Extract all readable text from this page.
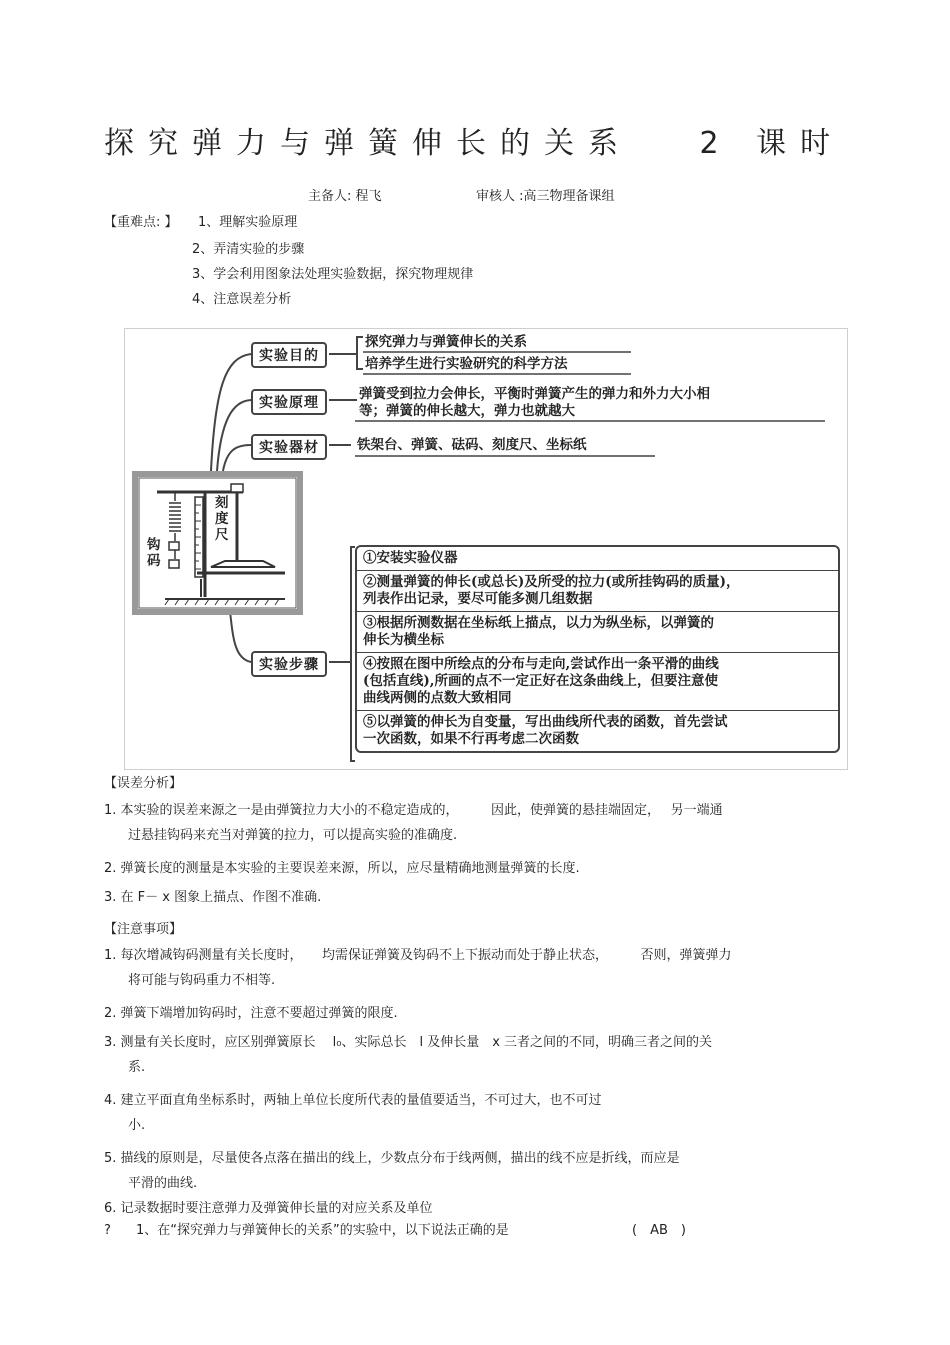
探究弹力与弹簧伸长的关系　 2 课时
主备人: 程飞	审核人 :高三物理备课组
【重难点: 】 1、理解实验原理
2、弄清实验的步骤
3、学会利用图象法处理实验数据，探究物理规律
4、注意误差分析
刻度尺
钩码
实验目的
实验原理
实验器材
实验步骤
探究弹力与弹簧伸长的关系
培养学生进行实验研究的科学方法
弹簧受到拉力会伸长，平衡时弹簧产生的弹力和外力大小相
等；弹簧的伸长越大，弹力也就越大
铁架台、弹簧、砝码、刻度尺、坐标纸
①安装实验仪器
②测量弹簧的伸长(或总长)及所受的拉力(或所挂钩码的质量)，
列表作出记录，要尽可能多测几组数据
③根据所测数据在坐标纸上描点，以力为纵坐标，以弹簧的
伸长为横坐标
④按照在图中所绘点的分布与走向,尝试作出一条平滑的曲线
(包括直线),所画的点不一定正好在这条曲线上，但要注意使
曲线两侧的点数大致相同
⑤以弹簧的伸长为自变量，写出曲线所代表的函数，首先尝试
一次函数，如果不行再考虑二次函数
【误差分析】
1. 本实验的误差来源之一是由弹簧拉力大小的不稳定造成的，　　　因此，使弹簧的悬挂端固定，　 另一端通
过悬挂钩码来充当对弹簧的拉力，可以提高实验的准确度.
2. 弹簧长度的测量是本实验的主要误差来源，所以，应尽量精确地测量弹簧的长度.
3. 在 F－ x 图象上描点、作图不准确.
【注意事项】
1. 每次增减钩码测量有关长度时，　　均需保证弹簧及钩码不上下振动而处于静止状态，　　　否则，弹簧弹力
将可能与钩码重力不相等.
2. 弹簧下端增加钩码时，注意不要超过弹簧的限度.
3. 测量有关长度时，应区别弹簧原长　 l₀、实际总长　l 及伸长量　x 三者之间的不同，明确三者之间的关
系.
4. 建立平面直角坐标系时，两轴上单位长度所代表的量值要适当，不可过大，也不可过
小.
5. 描线的原则是，尽量使各点落在描出的线上，少数点分布于线两侧，描出的线不应是折线，而应是
平滑的曲线.
6. 记录数据时要注意弹力及弹簧伸长量的对应关系及单位
? 1、在“探究弹力与弹簧伸长的关系”的实验中，以下说法正确的是	(　AB　)
